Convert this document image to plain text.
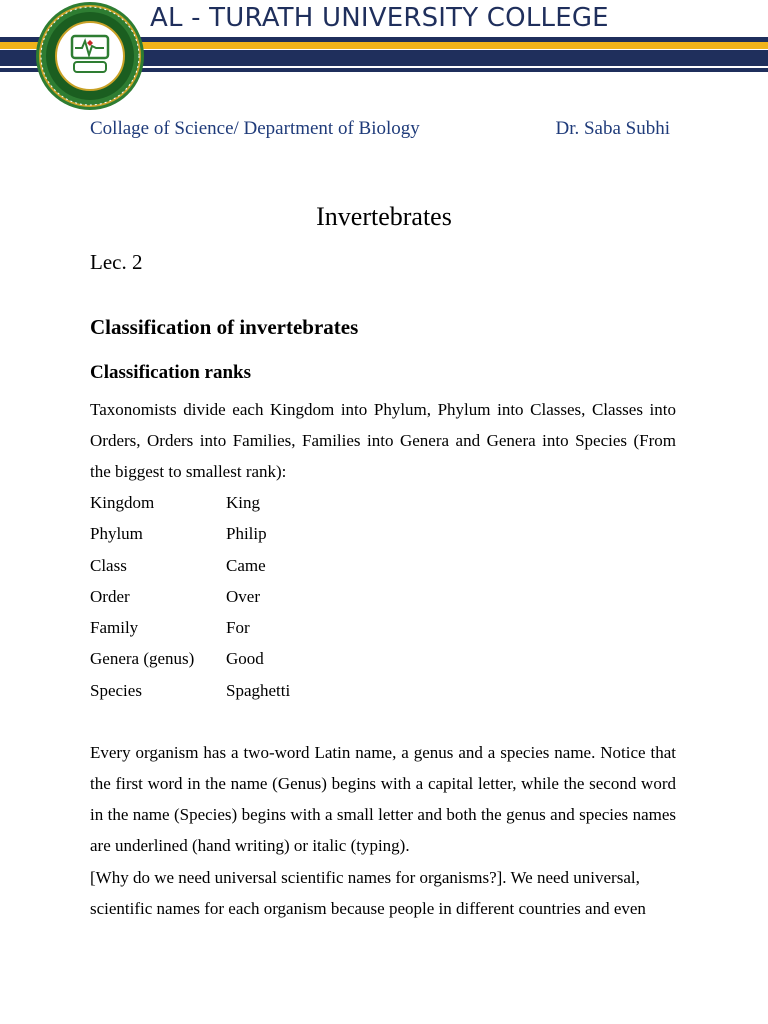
AL - TURATH UNIVERSITY COLLEGE
Collage of Science/ Department of Biology	Dr. Saba Subhi
Invertebrates
Lec. 2
Classification of invertebrates
Classification ranks
Taxonomists divide each Kingdom into Phylum, Phylum into Classes, Classes into Orders, Orders into Families, Families into Genera and Genera into Species (From the biggest to smallest rank):
Kingdom	King
Phylum	Philip
Class	Came
Order	Over
Family	For
Genera (genus)	Good
Species	Spaghetti
Every organism has a two-word Latin name, a genus and a species name. Notice that the first word in the name (Genus) begins with a capital letter, while the second word in the name (Species) begins with a small letter and both the genus and species names are underlined (hand writing) or italic (typing).
[Why do we need universal scientific names for organisms?]. We need universal, scientific names for each organism because people in different countries and even
